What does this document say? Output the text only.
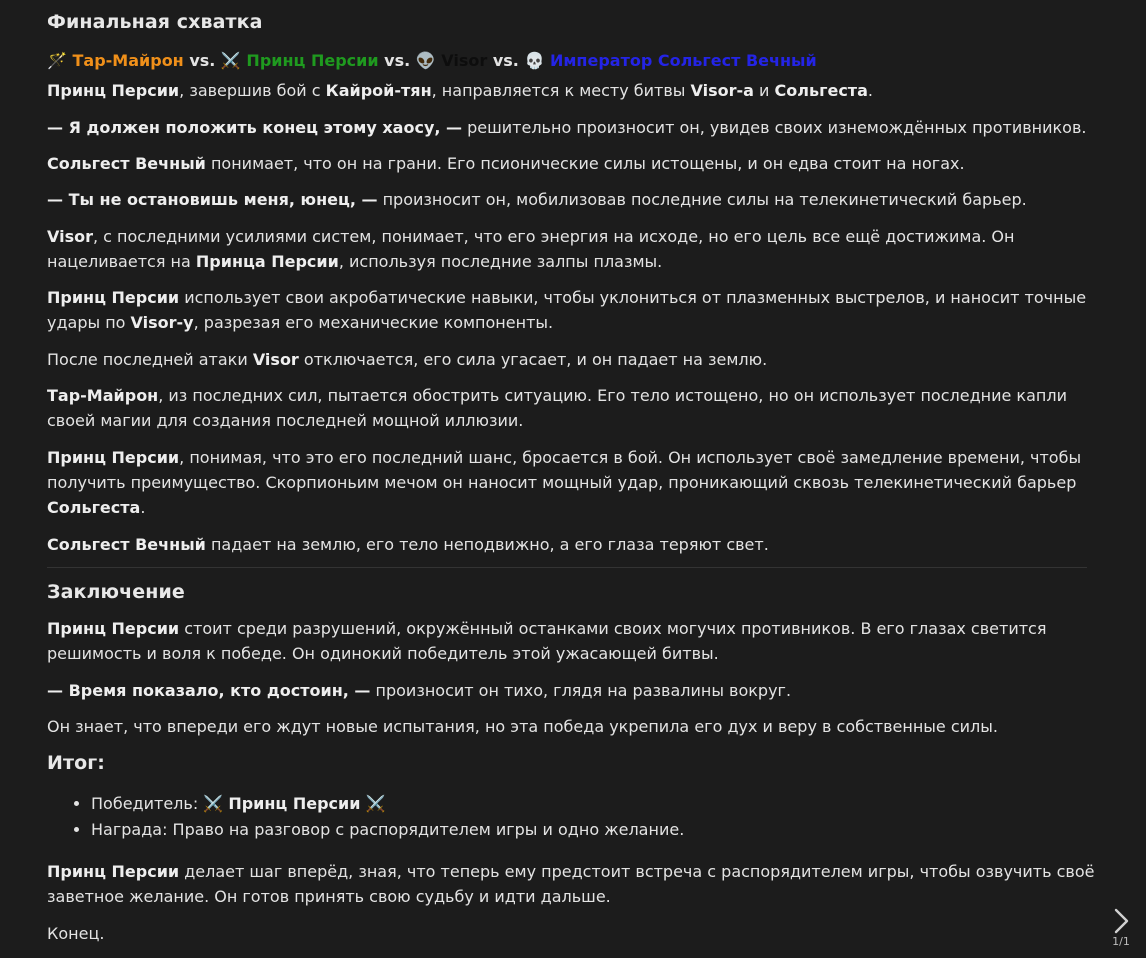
Финальная схватка
🪄 Тар-Майрон vs. ⚔️ Принц Персии vs. 👽 Visor vs. 💀 Император Сольгест Вечный

Принц Персии, завершив бой с Кайрой-тян, направляется к месту битвы Visor-а и Сольгеста.

— Я должен положить конец этому хаосу, — решительно произносит он, увидев своих изнемождённых противников.

Сольгест Вечный понимает, что он на грани. Его псионические силы истощены, и он едва стоит на ногах.

— Ты не остановишь меня, юнец, — произносит он, мобилизовав последние силы на телекинетический барьер.

Visor, с последними усилиями систем, понимает, что его энергия на исходе, но его цель все ещё достижима. Он нацеливается на Принца Персии, используя последние залпы плазмы.

Принц Персии использует свои акробатические навыки, чтобы уклониться от плазменных выстрелов, и наносит точные удары по Visor-у, разрезая его механические компоненты.

После последней атаки Visor отключается, его сила угасает, и он падает на землю.

Тар-Майрон, из последних сил, пытается обострить ситуацию. Его тело истощено, но он использует последние капли своей магии для создания последней мощной иллюзии.

Принц Персии, понимая, что это его последний шанс, бросается в бой. Он использует своё замедление времени, чтобы получить преимущество. Скорпионьим мечом он наносит мощный удар, проникающий сквозь телекинетический барьер Сольгеста.

Сольгест Вечный падает на землю, его тело неподвижно, а его глаза теряют свет.

Заключение

Принц Персии стоит среди разрушений, окружённый останками своих могучих противников. В его глазах светится решимость и воля к победе. Он одинокий победитель этой ужасающей битвы.

— Время показало, кто достоин, — произносит он тихо, глядя на развалины вокруг.

Он знает, что впереди его ждут новые испытания, но эта победа укрепила его дух и веру в собственные силы.

Итог:
• Победитель: ⚔️ Принц Персии ⚔️
• Награда: Право на разговор с распорядителем игры и одно желание.

Принц Персии делает шаг вперёд, зная, что теперь ему предстоит встреча с распорядителем игры, чтобы озвучить своё заветное желание. Он готов принять свою судьбу и идти дальше.

Конец.	1/1
